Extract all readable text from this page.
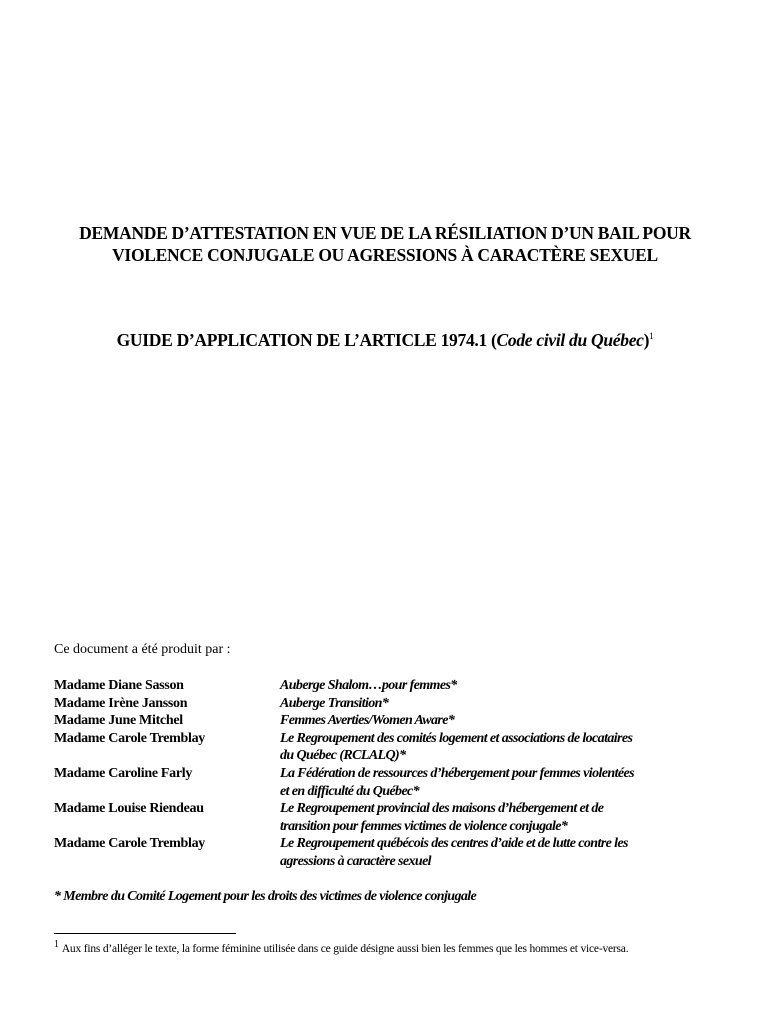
DEMANDE D’ATTESTATION EN VUE DE LA RÉSILIATION D’UN BAIL POUR
VIOLENCE CONJUGALE OU AGRESSIONS À CARACTÈRE SEXUEL
GUIDE D’APPLICATION DE L’ARTICLE 1974.1 (Code civil du Québec)$^1$
Ce document a été produit par :
Madame Diane Sasson	Auberge Shalom…pour femmes*
Madame Irène Jansson	Auberge Transition*
Madame June Mitchel	Femmes Averties/Women Aware*
Madame Carole Tremblay	Le Regroupement des comités logement et associations de locataires
du Québec (RCLALQ)*
Madame Caroline Farly	La Fédération de ressources d’hébergement pour femmes violentées
et en difficulté du Québec*
Madame Louise Riendeau	Le Regroupement provincial des maisons d’hébergement et de
transition pour femmes victimes de violence conjugale*
Madame Carole Tremblay	Le Regroupement québécois des centres d’aide et de lutte contre les
agressions à caractère sexuel
* Membre du Comité Logement pour les droits des victimes de violence conjugale
$^1$ Aux fins d’alléger le texte, la forme féminine utilisée dans ce guide désigne aussi bien les femmes que les hommes et vice-versa.
